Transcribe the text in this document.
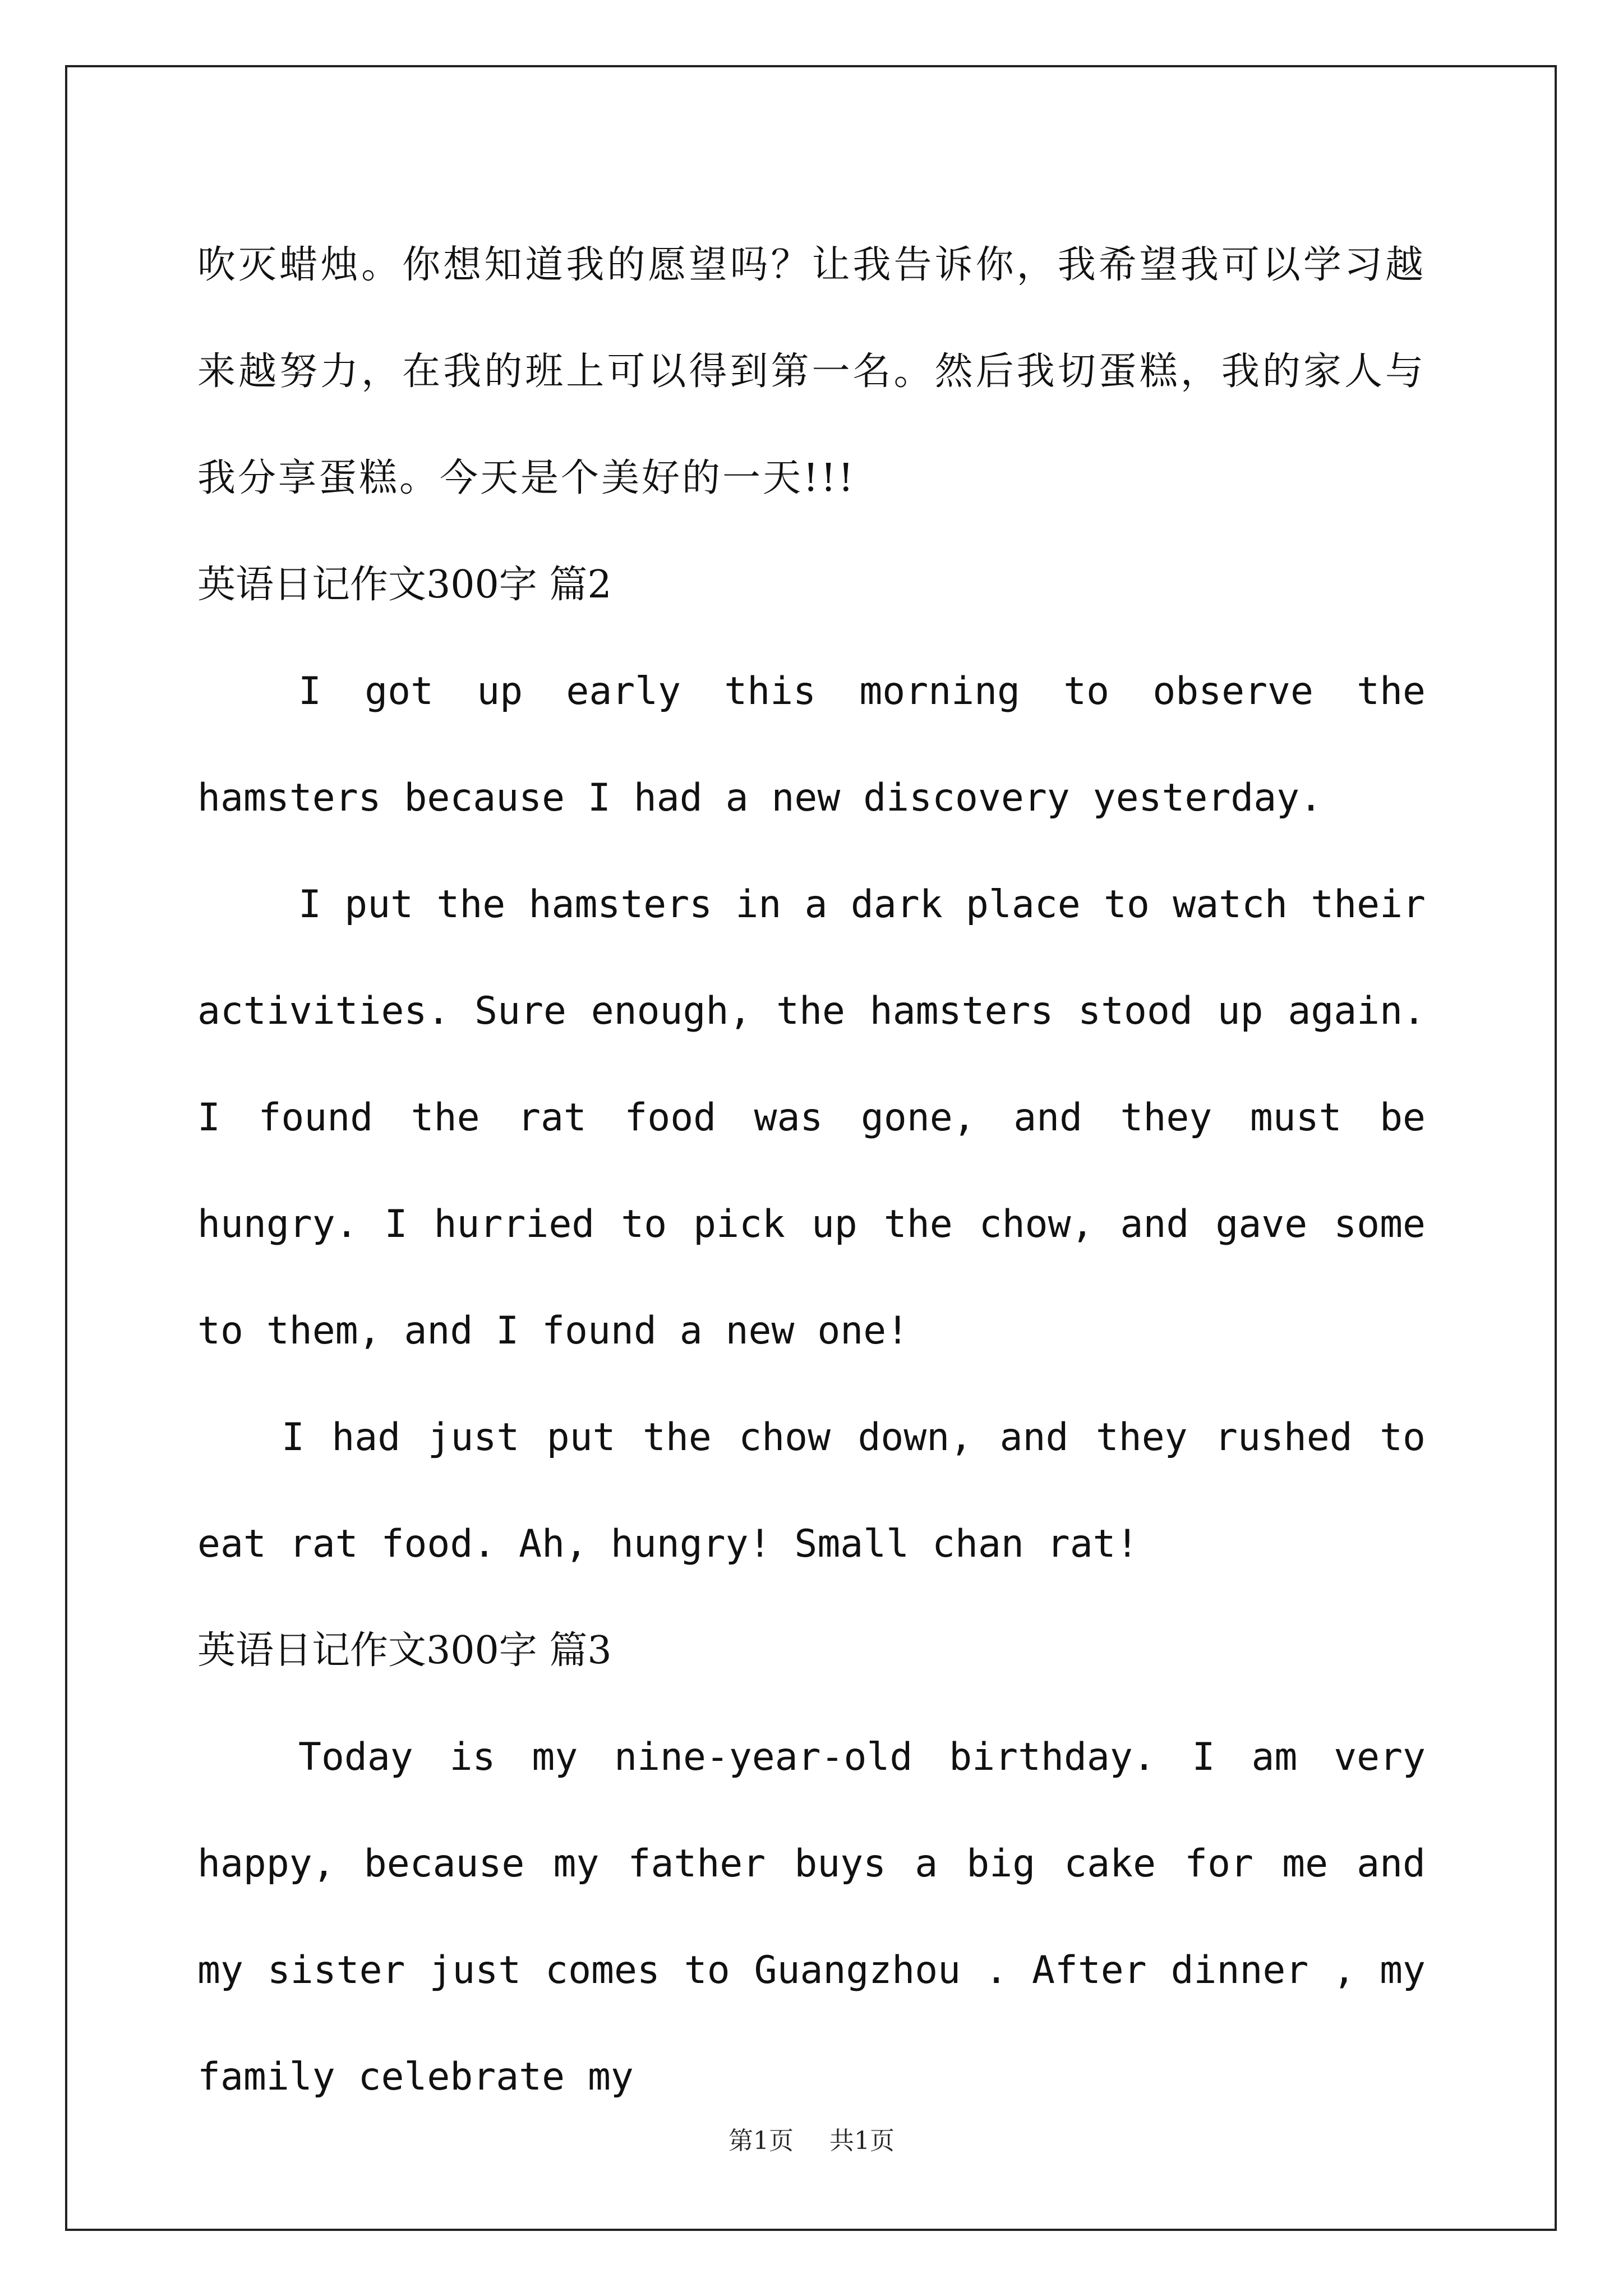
吹灭蜡烛。你想知道我的愿望吗？让我告诉你，我希望我可以学习越来越努力，在我的班上可以得到第一名。然后我切蛋糕，我的家人与我分享蛋糕。今天是个美好的一天!!!

英语日记作文300字 篇2

I got up early this morning to observe the hamsters because I had a new discovery yesterday.

I put the hamsters in a dark place to watch their activities. Sure enough, the hamsters stood up again. I found the rat food was gone, and they must be hungry. I hurried to pick up the chow, and gave some to them, and I found a new one!

I had just put the chow down, and they rushed to eat rat food. Ah, hungry! Small chan rat!

英语日记作文300字 篇3

Today is my nine-year-old birthday. I am very happy, because my father buys a big cake for me and my sister just comes to Guangzhou . After dinner , my family celebrate my

第1页 共1页
